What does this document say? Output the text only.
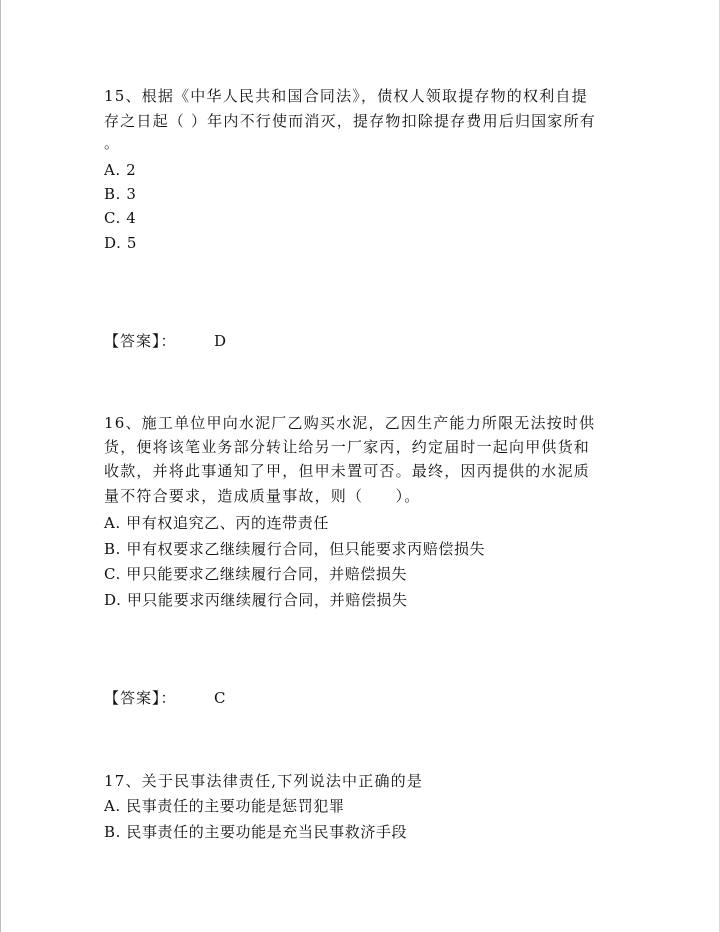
15、根据《中华人民共和国合同法》，债权人领取提存物的权利自提
存之日起（ ）年内不行使而消灭，提存物扣除提存费用后归国家所有
。
A. 2
B. 3
C. 4
D. 5
【答案】： D
16、施工单位甲向水泥厂乙购买水泥，乙因生产能力所限无法按时供
货，便将该笔业务部分转让给另一厂家丙，约定届时一起向甲供货和
收款，并将此事通知了甲，但甲未置可否。最终，因丙提供的水泥质
量不符合要求，造成质量事故，则（　　）。
A. 甲有权追究乙、丙的连带责任
B. 甲有权要求乙继续履行合同，但只能要求丙赔偿损失
C. 甲只能要求乙继续履行合同，并赔偿损失
D. 甲只能要求丙继续履行合同，并赔偿损失
【答案】： C
17、关于民事法律责任,下列说法中正确的是
A. 民事责任的主要功能是惩罚犯罪
B. 民事责任的主要功能是充当民事救济手段
